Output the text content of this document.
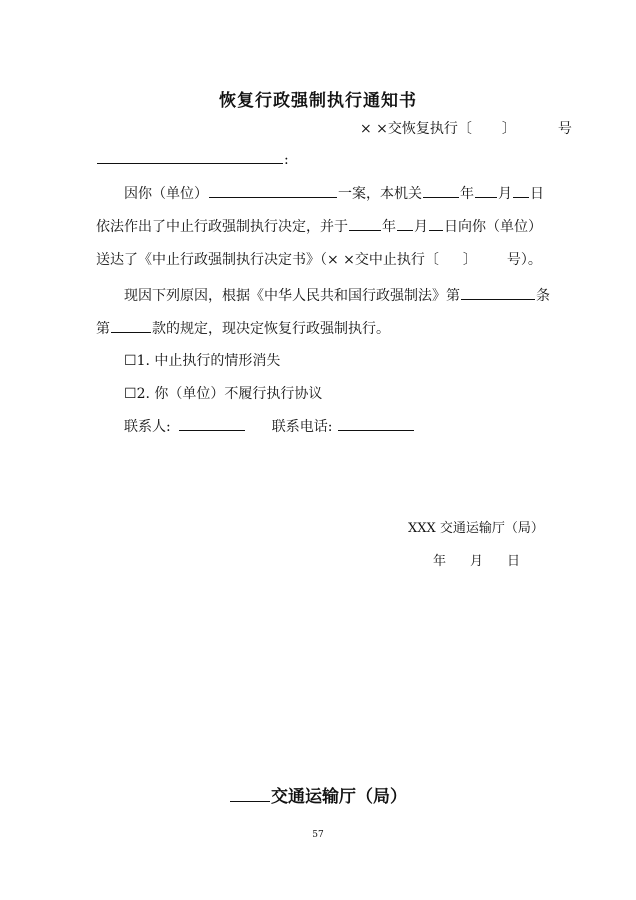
恢复行政强制执行通知书
× ×交恢复执行〔 〕	号
:
因你（单位）	一案，本机关	年 月 日
依法作出了中止行政强制执行决定，并于 年 月 日向你（单位）
送达了《中止行政强制执行决定书》（× ×交中止执行〔 〕 号）。
现因下列原因，根据《中华人民共和国行政强制法》第	条
第	款的规定，现决定恢复行政强制执行。
☐1. 中止执行的情形消失
☐2. 你（单位）不履行执行协议
联系人:	联系电话:
XXX 交通运输厅（局）
年 月 日
交通运输厅（局）
57
